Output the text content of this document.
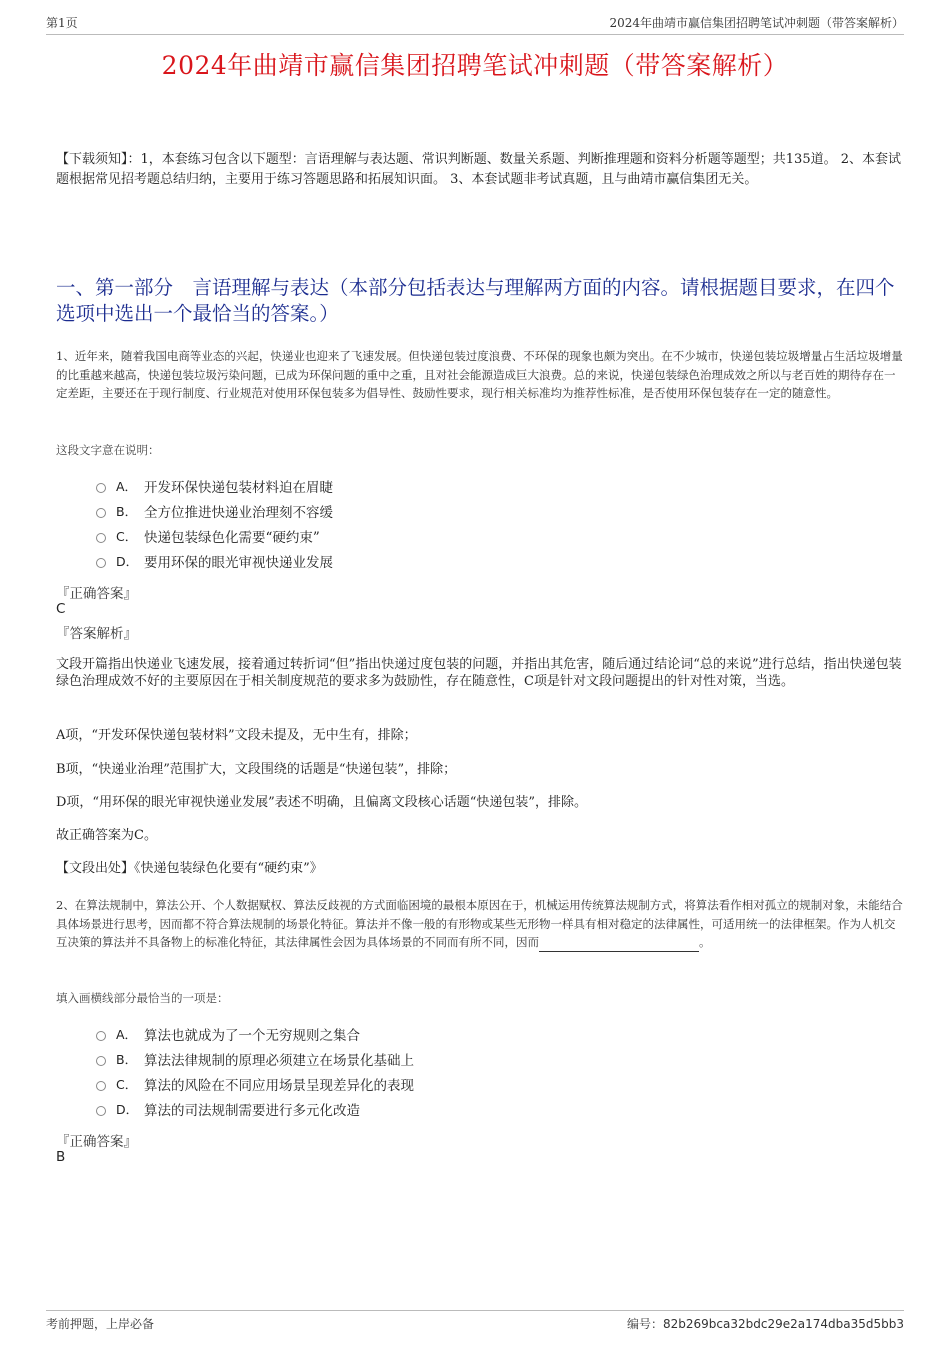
第1页	2024年曲靖市赢信集团招聘笔试冲刺题（带答案解析）
2024年曲靖市赢信集团招聘笔试冲刺题（带答案解析）
【下载须知】：1，本套练习包含以下题型：言语理解与表达题、常识判断题、数量关系题、判断推理题和资料分析题等题型；共135道。 2、本套试题根据常见招考题总结归纳，主要用于练习答题思路和拓展知识面。 3、本套试题非考试真题，且与曲靖市赢信集团无关。
一、第一部分　言语理解与表达（本部分包括表达与理解两方面的内容。请根据题目要求，在四个选项中选出一个最恰当的答案。）
1、近年来，随着我国电商等业态的兴起，快递业也迎来了飞速发展。但快递包装过度浪费、不环保的现象也颇为突出。在不少城市，快递包装垃圾增量占生活垃圾增量的比重越来越高，快递包装垃圾污染问题，已成为环保问题的重中之重，且对社会能源造成巨大浪费。总的来说，快递包装绿色治理成效之所以与老百姓的期待存在一定差距，主要还在于现行制度、行业规范对使用环保包装多为倡导性、鼓励性要求，现行相关标准均为推荐性标准，是否使用环保包装存在一定的随意性。
这段文字意在说明：
A． 开发环保快递包装材料迫在眉睫
B． 全方位推进快递业治理刻不容缓
C． 快递包装绿色化需要“硬约束”
D． 要用环保的眼光审视快递业发展
『正确答案』
C
『答案解析』
文段开篇指出快递业飞速发展，接着通过转折词“但”指出快递过度包装的问题，并指出其危害，随后通过结论词“总的来说”进行总结，指出快递包装绿色治理成效不好的主要原因在于相关制度规范的要求多为鼓励性，存在随意性，C项是针对文段问题提出的针对性对策，当选。
A项，“开发环保快递包装材料”文段未提及，无中生有，排除；
B项，“快递业治理”范围扩大，文段围绕的话题是“快递包装”，排除；
D项，“用环保的眼光审视快递业发展”表述不明确，且偏离文段核心话题“快递包装”，排除。
故正确答案为C。
【文段出处】《快递包装绿色化要有“硬约束”》
2、在算法规制中，算法公开、个人数据赋权、算法反歧视的方式面临困境的最根本原因在于，机械运用传统算法规制方式，将算法看作相对孤立的规制对象，未能结合具体场景进行思考，因而都不符合算法规制的场景化特征。算法并不像一般的有形物或某些无形物一样具有相对稳定的法律属性，可适用统一的法律框架。作为人机交互决策的算法并不具备物上的标准化特征，其法律属性会因为具体场景的不同而有所不同，因而	。
填入画横线部分最恰当的一项是：
A． 算法也就成为了一个无穷规则之集合
B． 算法法律规制的原理必须建立在场景化基础上
C． 算法的风险在不同应用场景呈现差异化的表现
D． 算法的司法规制需要进行多元化改造
『正确答案』
B
考前押题，上岸必备	编号：82b269bca32bdc29e2a174dba35d5bb3
